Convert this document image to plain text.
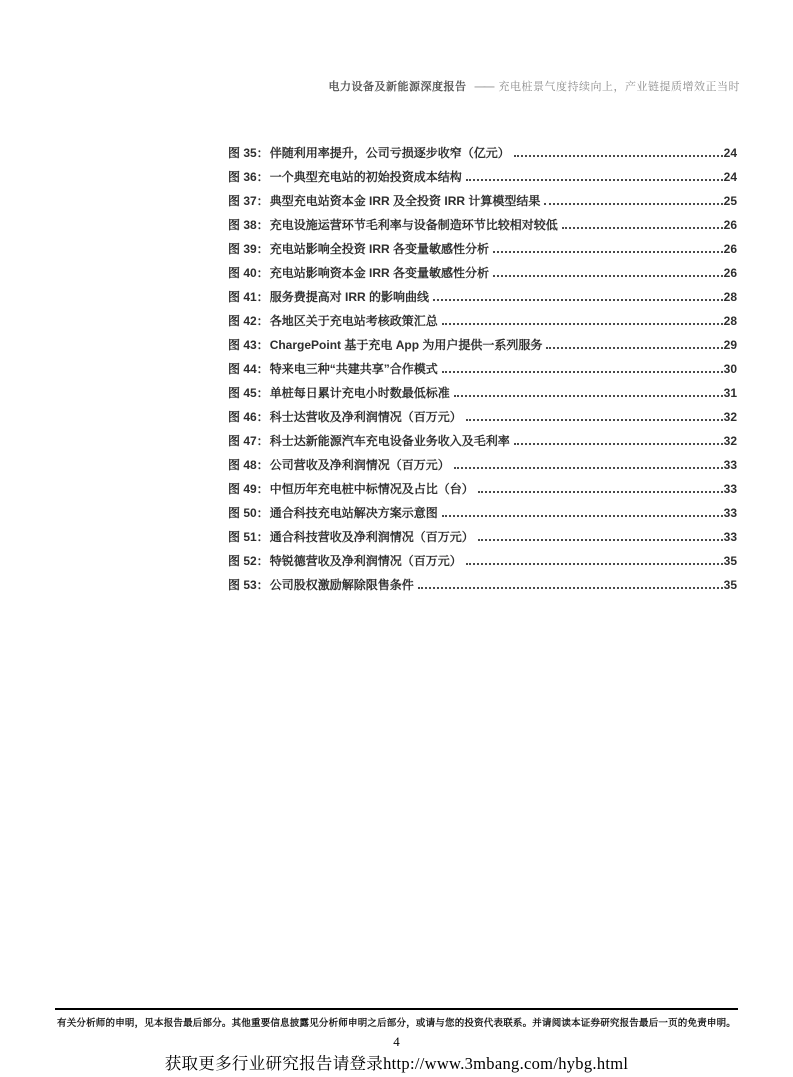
电力设备及新能源深度报告 —— 充电桩景气度持续向上，产业链提质增效正当时
图 35： 伴随利用率提升，公司亏损逐步收窄（亿元）	24
图 36： 一个典型充电站的初始投资成本结构	24
图 37： 典型充电站资本金 IRR 及全投资 IRR 计算模型结果	25
图 38： 充电设施运营环节毛利率与设备制造环节比较相对较低	26
图 39： 充电站影响全投资 IRR 各变量敏感性分析	26
图 40： 充电站影响资本金 IRR 各变量敏感性分析	26
图 41： 服务费提高对 IRR 的影响曲线	28
图 42： 各地区关于充电站考核政策汇总	28
图 43： ChargePoint 基于充电 App 为用户提供一系列服务	29
图 44： 特来电三种“共建共享”合作模式	30
图 45： 单桩每日累计充电小时数最低标准	31
图 46： 科士达营收及净利润情况（百万元）	32
图 47： 科士达新能源汽车充电设备业务收入及毛利率	32
图 48： 公司营收及净利润情况（百万元）	33
图 49： 中恒历年充电桩中标情况及占比（台）	33
图 50： 通合科技充电站解决方案示意图	33
图 51： 通合科技营收及净利润情况（百万元）	33
图 52： 特锐德营收及净利润情况（百万元）	35
图 53： 公司股权激励解除限售条件	35
有关分析师的申明，见本报告最后部分。其他重要信息披露见分析师申明之后部分，或请与您的投资代表联系。并请阅读本证券研究报告最后一页的免责申明。
4
获取更多行业研究报告请登录http://www.3mbang.com/hybg.html
